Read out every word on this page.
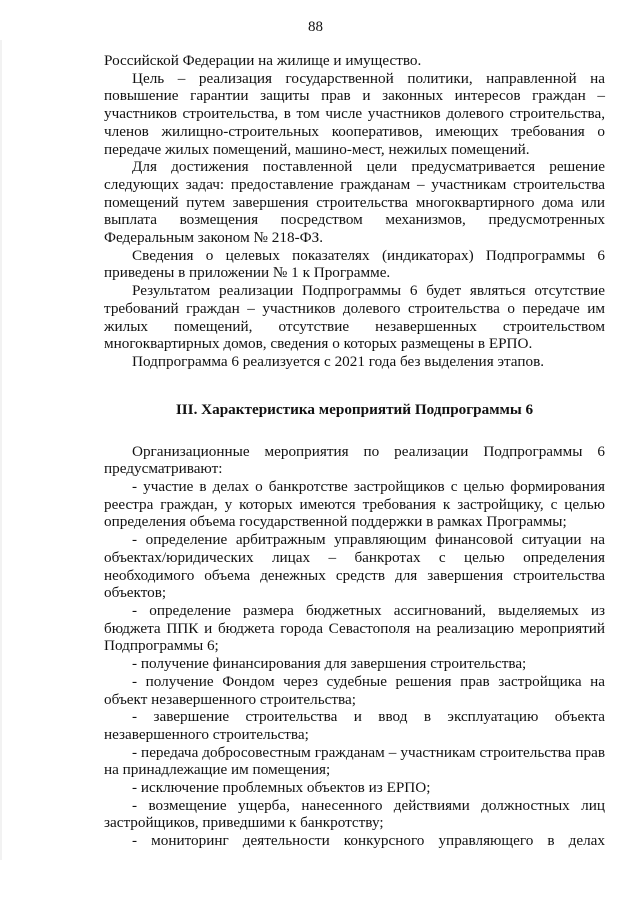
88

Российской Федерации на жилище и имущество.

Цель – реализация государственной политики, направленной на повышение гарантии защиты прав и законных интересов граждан – участников строительства, в том числе участников долевого строительства, членов жилищно-строительных кооперативов, имеющих требования о передаче жилых помещений, машино-мест, нежилых помещений.

Для достижения поставленной цели предусматривается решение следующих задач: предоставление гражданам – участникам строительства помещений путем завершения строительства многоквартирного дома или выплата возмещения посредством механизмов, предусмотренных Федеральным законом № 218-ФЗ.

Сведения о целевых показателях (индикаторах) Подпрограммы 6 приведены в приложении № 1 к Программе.

Результатом реализации Подпрограммы 6 будет являться отсутствие требований граждан – участников долевого строительства о передаче им жилых помещений, отсутствие незавершенных строительством многоквартирных домов, сведения о которых размещены в ЕРПО.

Подпрограмма 6 реализуется с 2021 года без выделения этапов.

III. Характеристика мероприятий Подпрограммы 6

Организационные мероприятия по реализации Подпрограммы 6 предусматривают:

- участие в делах о банкротстве застройщиков с целью формирования реестра граждан, у которых имеются требования к застройщику, с целью определения объема государственной поддержки в рамках Программы;

- определение арбитражным управляющим финансовой ситуации на объектах/юридических лицах – банкротах с целью определения необходимого объема денежных средств для завершения строительства объектов;

- определение размера бюджетных ассигнований, выделяемых из бюджета ППК и бюджета города Севастополя на реализацию мероприятий Подпрограммы 6;

- получение финансирования для завершения строительства;

- получение Фондом через судебные решения прав застройщика на объект незавершенного строительства;

- завершение строительства и ввод в эксплуатацию объекта незавершенного строительства;

- передача добросовестным гражданам – участникам строительства прав на принадлежащие им помещения;

- исключение проблемных объектов из ЕРПО;

- возмещение ущерба, нанесенного действиями должностных лиц застройщиков, приведшими к банкротству;

- мониторинг деятельности конкурсного управляющего в делах
